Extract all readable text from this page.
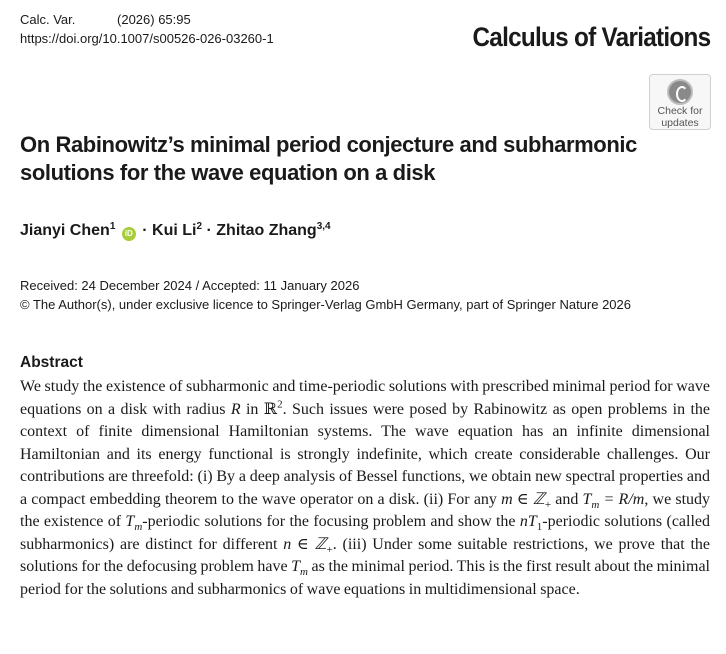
Calc. Var.	(2026) 65:95
https://doi.org/10.1007/s00526-026-03260-1	Calculus of Variations
Check for
updates
On Rabinowitz’s minimal period conjecture and subharmonic solutions for the wave equation on a disk
Jianyi Chen$^1$ iD · Kui $Li^2$ · Zhitao Zhang$^{3,4}$
Received: 24 December 2024 / Accepted: 11 January 2026
© The Author(s), under exclusive licence to Springer-Verlag GmbH Germany, part of Springer Nature 2026
Abstract

We study the existence of subharmonic and time-periodic solutions with prescribed minimal period for wave equations on a disk with radius R in ℝ$^2$. Such issues were posed by Rabinowitz as open problems in the context of finite dimensional Hamiltonian systems. The wave equation has an infinite dimensional Hamiltonian and its energy functional is strongly indefinite, which create considerable challenges. Our contributions are threefold: (i) By a deep analysis of Bessel functions, we obtain new spectral properties and a compact embedding theorem to the wave operator on a disk. (ii) For any m ∈ ℤ$_+$ and $T_m = R/m$, we study the existence of $T_m$-periodic solutions for the focusing problem and show the $nT_1$-periodic solutions (called subharmonics) are distinct for different n ∈ ℤ$_+$. (iii) Under some suitable restrictions, we prove that the solutions for the defocusing problem have $T_m$ as the minimal period. This is the first result about the minimal period for the solutions and subharmonics of wave equations in multidimensional space.
